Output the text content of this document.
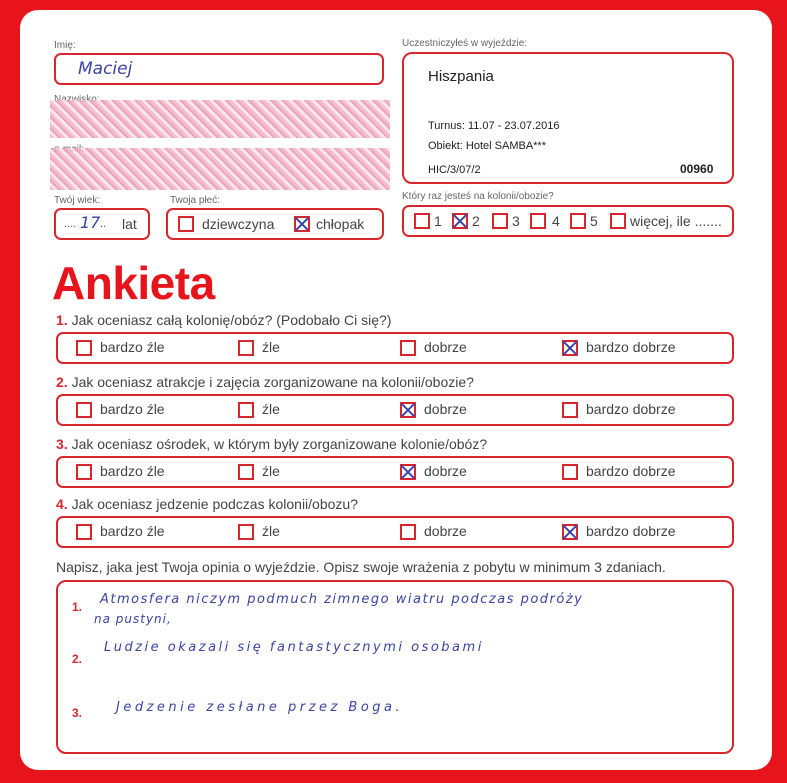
Imię:
Maciej
Twój wiek:
.... 17 .. lat
Twoja płeć:
dziewczyna	chłopak
Uczestniczyłeś w wyjeździe:
Hiszpania
Turnus: 11.07 - 23.07.2016
Obiekt: Hotel SAMBA***
HIC/3/07/2	00960
Który raz jesteś na kolonii/obozie?
1 2 3 4 5 więcej, ile .......
Ankieta
1. Jak oceniasz całą kolonię/obóz? (Podobało Ci się?)
bardzo źle	źle	dobrze	bardzo dobrze
2. Jak oceniasz atrakcje i zajęcia zorganizowane na kolonii/obozie?
bardzo źle	źle	dobrze	bardzo dobrze
3. Jak oceniasz ośrodek, w którym były zorganizowane kolonie/obóz?
bardzo źle	źle	dobrze	bardzo dobrze
4. Jak oceniasz jedzenie podczas kolonii/obozu?
bardzo źle	źle	dobrze	bardzo dobrze
Napisz, jaka jest Twoja opinia o wyjeździe. Opisz swoje wrażenia z pobytu w minimum 3 zdaniach.
1. Atmosfera niczym podmuch zimnego wiatru podczas podróży
na pustyni,
2.
Ludzie okazali się fantastycznymi osobami
3.	Jedzenie zesłane przez Boga.
